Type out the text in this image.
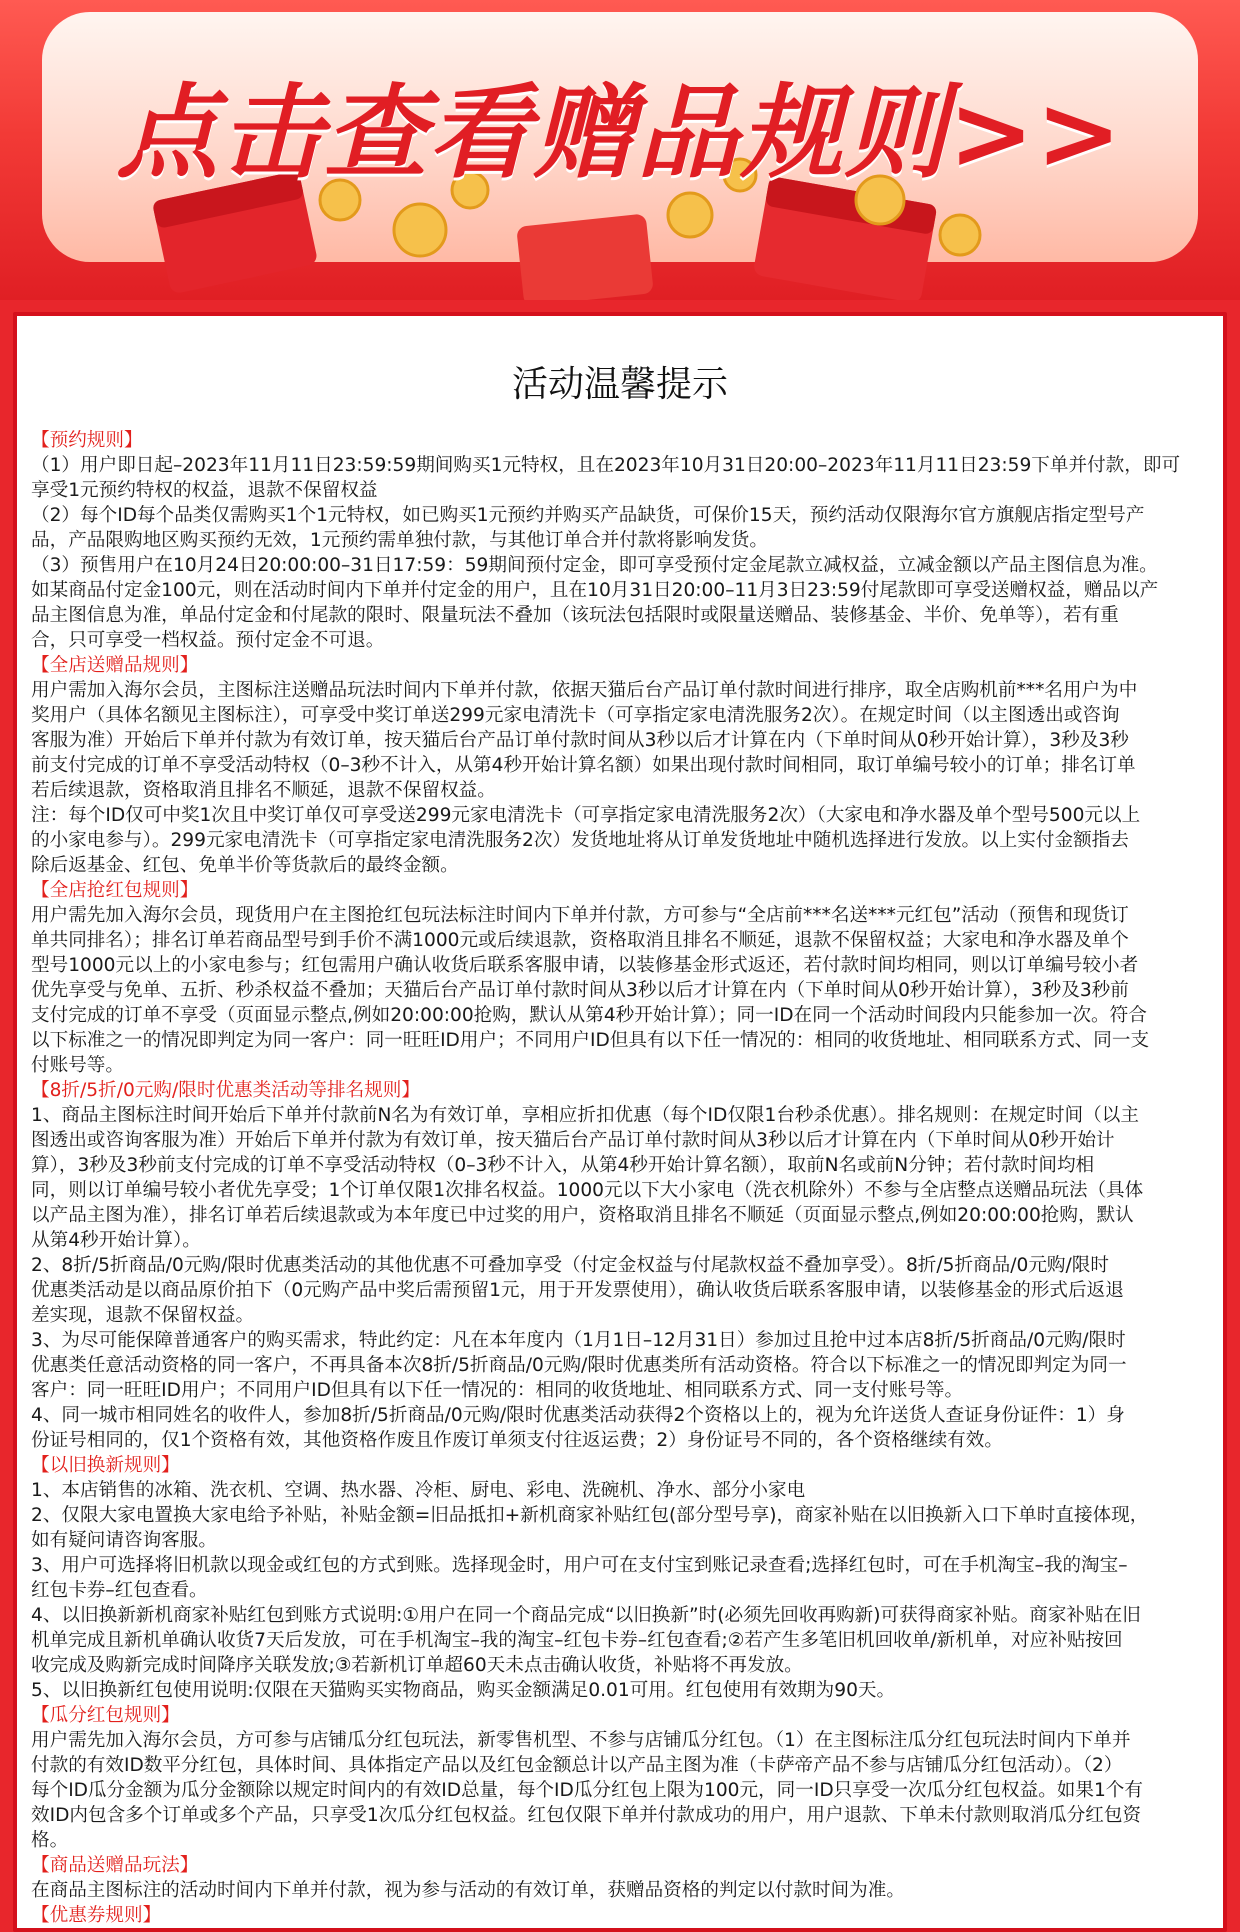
点击查看赠品规则>>
活动温馨提示
【预约规则】
（1）用户即日起–2023年11月11日23:59:59期间购买1元特权，且在2023年10月31日20:00–2023年11月11日23:59下单并付款，即可
享受1元预约特权的权益，退款不保留权益
（2）每个ID每个品类仅需购买1个1元特权，如已购买1元预约并购买产品缺货，可保价15天，预约活动仅限海尔官方旗舰店指定型号产
品，产品限购地区购买预约无效，1元预约需单独付款，与其他订单合并付款将影响发货。
（3）预售用户在10月24日20:00:00–31日17:59：59期间预付定金，即可享受预付定金尾款立减权益，立减金额以产品主图信息为准。
如某商品付定金100元，则在活动时间内下单并付定金的用户，且在10月31日20:00–11月3日23:59付尾款即可享受送赠权益，赠品以产
品主图信息为准，单品付定金和付尾款的限时、限量玩法不叠加（该玩法包括限时或限量送赠品、装修基金、半价、免单等），若有重
合，只可享受一档权益。预付定金不可退。
【全店送赠品规则】
用户需加入海尔会员，主图标注送赠品玩法时间内下单并付款，依据天猫后台产品订单付款时间进行排序，取全店购机前***名用户为中
奖用户（具体名额见主图标注），可享受中奖订单送299元家电清洗卡（可享指定家电清洗服务2次）。在规定时间（以主图透出或咨询
客服为准）开始后下单并付款为有效订单，按天猫后台产品订单付款时间从3秒以后才计算在内（下单时间从0秒开始计算），3秒及3秒
前支付完成的订单不享受活动特权（0–3秒不计入，从第4秒开始计算名额）如果出现付款时间相同，取订单编号较小的订单；排名订单
若后续退款，资格取消且排名不顺延，退款不保留权益。
注：每个ID仅可中奖1次且中奖订单仅可享受送299元家电清洗卡（可享指定家电清洗服务2次）（大家电和净水器及单个型号500元以上
的小家电参与）。299元家电清洗卡（可享指定家电清洗服务2次）发货地址将从订单发货地址中随机选择进行发放。以上实付金额指去
除后返基金、红包、免单半价等货款后的最终金额。
【全店抢红包规则】
用户需先加入海尔会员，现货用户在主图抢红包玩法标注时间内下单并付款，方可参与“全店前***名送***元红包”活动（预售和现货订
单共同排名）；排名订单若商品型号到手价不满1000元或后续退款，资格取消且排名不顺延，退款不保留权益；大家电和净水器及单个
型号1000元以上的小家电参与；红包需用户确认收货后联系客服申请，以装修基金形式返还，若付款时间均相同，则以订单编号较小者
优先享受与免单、五折、秒杀权益不叠加；天猫后台产品订单付款时间从3秒以后才计算在内（下单时间从0秒开始计算），3秒及3秒前
支付完成的订单不享受（页面显示整点,例如20:00:00抢购，默认从第4秒开始计算）；同一ID在同一个活动时间段内只能参加一次。符合
以下标准之一的情况即判定为同一客户：同一旺旺ID用户；不同用户ID但具有以下任一情况的：相同的收货地址、相同联系方式、同一支
付账号等。
【8折/5折/0元购/限时优惠类活动等排名规则】
1、商品主图标注时间开始后下单并付款前N名为有效订单，享相应折扣优惠（每个ID仅限1台秒杀优惠）。排名规则：在规定时间（以主
图透出或咨询客服为准）开始后下单并付款为有效订单，按天猫后台产品订单付款时间从3秒以后才计算在内（下单时间从0秒开始计
算），3秒及3秒前支付完成的订单不享受活动特权（0–3秒不计入，从第4秒开始计算名额），取前N名或前N分钟；若付款时间均相
同，则以订单编号较小者优先享受；1个订单仅限1次排名权益。1000元以下大小家电（洗衣机除外）不参与全店整点送赠品玩法（具体
以产品主图为准），排名订单若后续退款或为本年度已中过奖的用户，资格取消且排名不顺延（页面显示整点,例如20:00:00抢购，默认
从第4秒开始计算）。
2、8折/5折商品/0元购/限时优惠类活动的其他优惠不可叠加享受（付定金权益与付尾款权益不叠加享受）。8折/5折商品/0元购/限时
优惠类活动是以商品原价拍下（0元购产品中奖后需预留1元，用于开发票使用），确认收货后联系客服申请，以装修基金的形式后返退
差实现，退款不保留权益。
3、为尽可能保障普通客户的购买需求，特此约定：凡在本年度内（1月1日–12月31日）参加过且抢中过本店8折/5折商品/0元购/限时
优惠类任意活动资格的同一客户，不再具备本次8折/5折商品/0元购/限时优惠类所有活动资格。符合以下标准之一的情况即判定为同一
客户：同一旺旺ID用户；不同用户ID但具有以下任一情况的：相同的收货地址、相同联系方式、同一支付账号等。
4、同一城市相同姓名的收件人，参加8折/5折商品/0元购/限时优惠类活动获得2个资格以上的，视为允许送货人查证身份证件：1）身
份证号相同的，仅1个资格有效，其他资格作废且作废订单须支付往返运费；2）身份证号不同的，各个资格继续有效。
【以旧换新规则】
1、本店销售的冰箱、洗衣机、空调、热水器、冷柜、厨电、彩电、洗碗机、净水、部分小家电
2、仅限大家电置换大家电给予补贴，补贴金额=旧品抵扣+新机商家补贴红包(部分型号享)，商家补贴在以旧换新入口下单时直接体现，
如有疑问请咨询客服。
3、用户可选择将旧机款以现金或红包的方式到账。选择现金时，用户可在支付宝到账记录查看;选择红包时，可在手机淘宝–我的淘宝–
红包卡券–红包查看。
4、以旧换新新机商家补贴红包到账方式说明:①用户在同一个商品完成“以旧换新”时(必须先回收再购新)可获得商家补贴。商家补贴在旧
机单完成且新机单确认收货7天后发放，可在手机淘宝–我的淘宝–红包卡券–红包查看;②若产生多笔旧机回收单/新机单，对应补贴按回
收完成及购新完成时间降序关联发放;③若新机订单超60天未点击确认收货，补贴将不再发放。
5、以旧换新红包使用说明:仅限在天猫购买实物商品，购买金额满足0.01可用。红包使用有效期为90天。
【瓜分红包规则】
用户需先加入海尔会员，方可参与店铺瓜分红包玩法，新零售机型、不参与店铺瓜分红包。（1）在主图标注瓜分红包玩法时间内下单并
付款的有效ID数平分红包，具体时间、具体指定产品以及红包金额总计以产品主图为准（卡萨帝产品不参与店铺瓜分红包活动）。（2）
每个ID瓜分金额为瓜分金额除以规定时间内的有效ID总量，每个ID瓜分红包上限为100元，同一ID只享受一次瓜分红包权益。如果1个有
效ID内包含多个订单或多个产品，只享受1次瓜分红包权益。红包仅限下单并付款成功的用户，用户退款、下单未付款则取消瓜分红包资
格。
【商品送赠品玩法】
在商品主图标注的活动时间内下单并付款，视为参与活动的有效订单，获赠品资格的判定以付款时间为准。
【优惠券规则】
